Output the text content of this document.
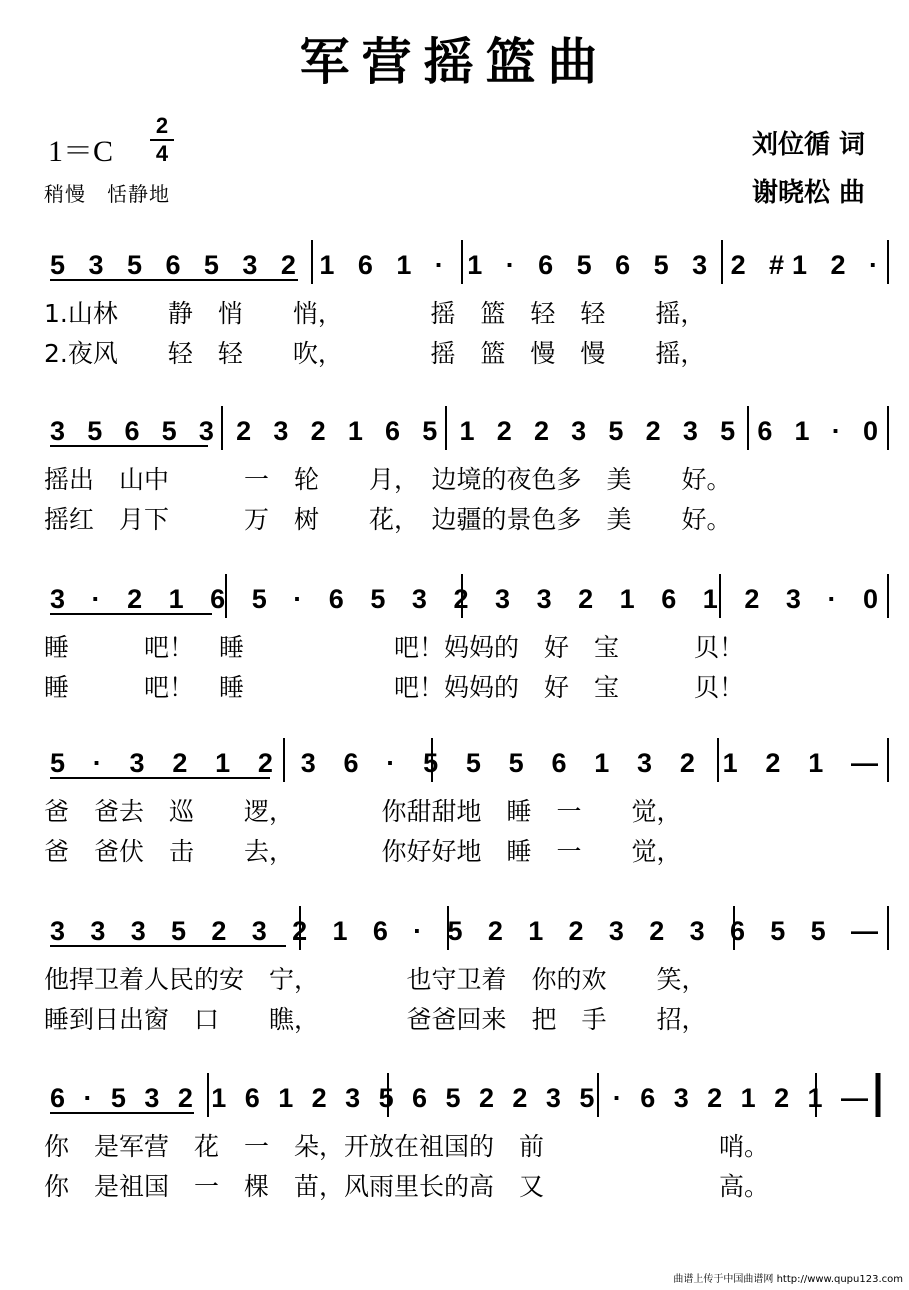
军营摇篮曲
1＝C
2
4
稍慢　恬静地
刘位循 词
谢晓松 曲
5 3 5 6 5 3 2 1 6 1 · 1 · 6 5 6 5 3 2 #1 2 ·
1.山林　　静　悄　　悄，　　　　摇　篮　轻　轻　　摇，
2.夜风　　轻　轻　　吹，　　　　摇　篮　慢　慢　　摇，
3 5 6 5 3 2 3 2 1 6 5 1 2 2 3 5 2 3 5 6 1 · 0
摇出　山中　　　一　轮　　月，　边境的夜色多　美　　好。
摇红　月下　　　万　树　　花，　边疆的景色多　美　　好。
3 · 2 1 6 5 · 6 5 3 2 3 3 2 1 6 1 2 3 · 0
睡　　　吧！　睡　　　　　　吧！妈妈的　好　宝　　　贝！
睡　　　吧！　睡　　　　　　吧！妈妈的　好　宝　　　贝！
5 · 3 2 1 2 3 6 · 5 5 5 6 1 3 2 1 2 1 —
爸　爸去　巡　　逻，　　　　你甜甜地　睡　一　　觉，
爸　爸伏　击　　去，　　　　你好好地　睡　一　　觉，
3 3 3 5 2 3 2 1 6 · 5 2 1 2 3 2 3 6 5 5 —
他捍卫着人民的安　宁，　　　　也守卫着　你的欢　　笑，
睡到日出窗　口　　瞧，　　　　爸爸回来　把　手　　招，
6 · 5 3 2 1 6 1 2 3 5 6 5 2 2 3 5 · 6 3 2 1 2 1 —
你　是军营　花　一　朵，开放在祖国的　前　　　　　　　哨。
你　是祖国　一　棵　苗，风雨里长的高　又　　　　　　　高。
曲谱上传于中国曲谱网 http://www.qupu123.com
